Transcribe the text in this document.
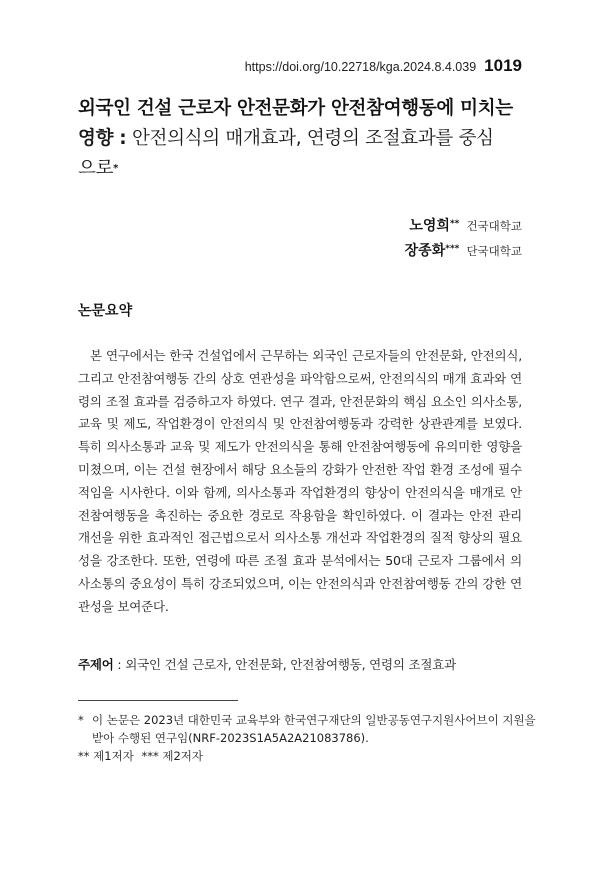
https://doi.org/10.22718/kga.2024.8.4.039 1019
외국인 건설 근로자 안전문화가 안전참여행동에 미치는
영향 : 안전의식의 매개효과, 연령의 조절효과를 중심
으로*
노영희** 건국대학교
장종화*** 단국대학교
논문요약

본 연구에서는 한국 건설업에서 근무하는 외국인 근로자들의 안전문화, 안전의식, 그리고 안전참여행동 간의 상호 연관성을 파악함으로써, 안전의식의 매개 효과와 연령의 조절 효과를 검증하고자 하였다. 연구 결과, 안전문화의 핵심 요소인 의사소통, 교육 및 제도, 작업환경이 안전의식 및 안전참여행동과 강력한 상관관계를 보였다. 특히 의사소통과 교육 및 제도가 안전의식을 통해 안전참여행동에 유의미한 영향을 미쳤으며, 이는 건설 현장에서 해당 요소들의 강화가 안전한 작업 환경 조성에 필수적임을 시사한다. 이와 함께, 의사소통과 작업환경의 향상이 안전의식을 매개로 안전참여행동을 촉진하는 중요한 경로로 작용함을 확인하였다. 이 결과는 안전 관리 개선을 위한 효과적인 접근법으로서 의사소통 개선과 작업환경의 질적 향상의 필요성을 강조한다. 또한, 연령에 따른 조절 효과 분석에서는 50대 근로자 그룹에서 의사소통의 중요성이 특히 강조되었으며, 이는 안전의식과 안전참여행동 간의 강한 연관성을 보여준다.

주제어 : 외국인 건설 근로자, 안전문화, 안전참여행동, 연령의 조절효과
* 이 논문은 2023년 대한민국 교육부와 한국연구재단의 일반공동연구지원사어브이 지원을 받아 수행된 연구임(NRF-2023S1A5A2A21083786).
** 제1저자 *** 제2저자
